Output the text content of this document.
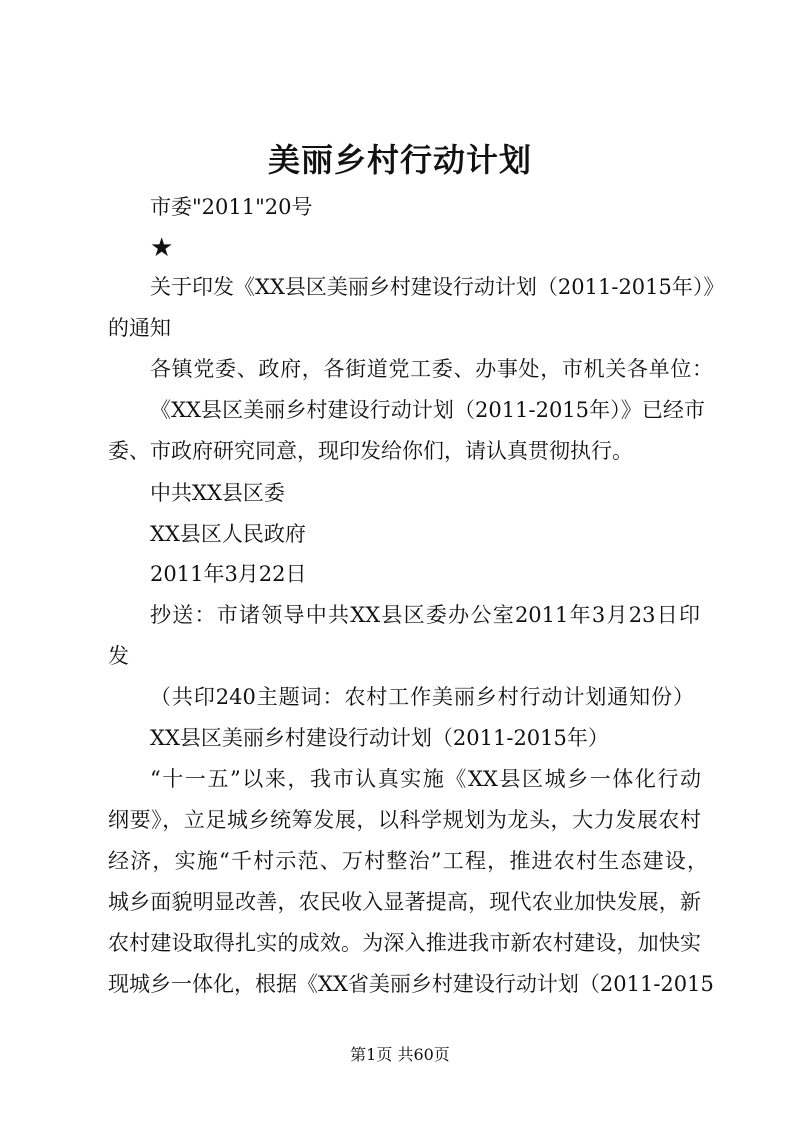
美丽乡村行动计划
市委"2011"20号
★
关于印发《XX县区美丽乡村建设行动计划（2011-2015年）》
的通知
各镇党委、政府，各街道党工委、办事处，市机关各单位：
《XX县区美丽乡村建设行动计划（2011-2015年）》已经市
委、市政府研究同意，现印发给你们，请认真贯彻执行。
中共XX县区委
XX县区人民政府
2011年3月22日
抄送：市诸领导中共XX县区委办公室2011年3月23日印
发
（共印240主题词：农村工作美丽乡村行动计划通知份）
XX县区美丽乡村建设行动计划（2011-2015年）
“十一五”以来，我市认真实施《XX县区城乡一体化行动
纲要》，立足城乡统筹发展，以科学规划为龙头，大力发展农村
经济，实施“千村示范、万村整治”工程，推进农村生态建设，
城乡面貌明显改善，农民收入显著提高，现代农业加快发展，新
农村建设取得扎实的成效。为深入推进我市新农村建设，加快实
现城乡一体化，根据《XX省美丽乡村建设行动计划（2011-2015
第1页 共60页
